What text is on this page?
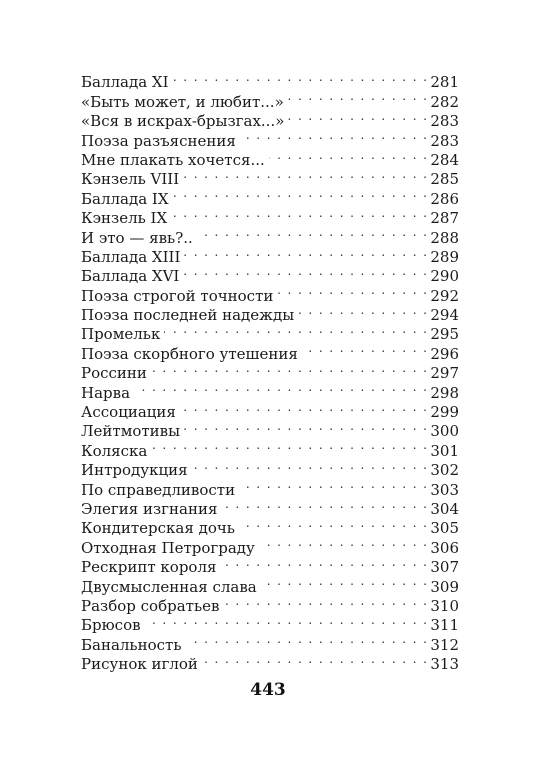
Баллада XI . . .	281
«Быть может, и любит...» . . .	282
«Вся в искрах-брызгах...» . . .	283
Поэза разъяснения . . .	283
Мне плакать хочется... . . .	284
Кэнзель VIII . . .	285
Баллада IX . . .	286
Кэнзель IX . . .	287
И это — явь?.. . . .	288
Баллада XIII . . .	289
Баллада XVI . . .	290
Поэза строгой точности . . .	292
Поэза последней надежды . . .	294
Промельк . . .	295
Поэза скорбного утешения . . .	296
Россини . . .	297
Нарва . . .	298
Ассоциация . . .	299
Лейтмотивы . . .	300
Коляска . . .	301
Интродукция . . .	302
По справедливости . . .	303
Элегия изгнания . . .	304
Кондитерская дочь . . .	305
Отходная Петрограду . . .	306
Рескрипт короля . . .	307
Двусмысленная слава . . .	309
Разбор собратьев . . .	310
Брюсов . . .	311
Банальность . . .	312
Рисунок иглой . . .	313
443
